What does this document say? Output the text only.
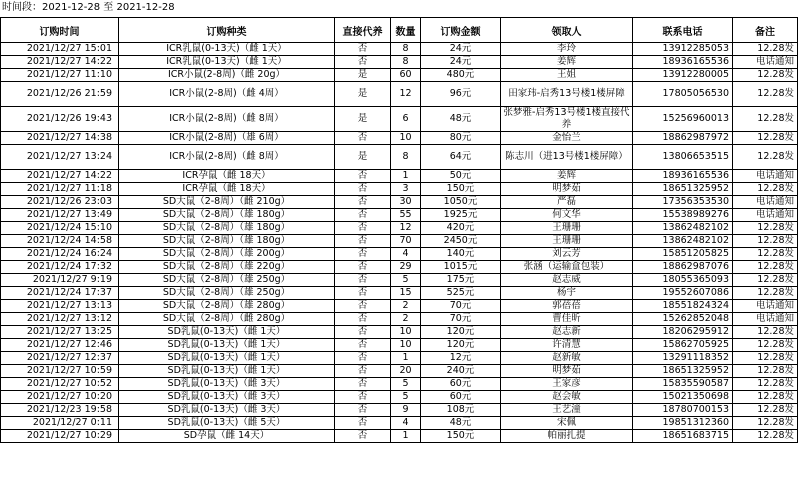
时间段：2021-12-28 至 2021-12-28
订购时间	订购种类	直接代养	数量	订购金额	领取人	联系电话	备注
2021/12/27 15:01	ICR乳鼠(0-13天)（雌 1天）	否	8	24元	李玲	13912285053	12.28发
2021/12/27 14:22	ICR乳鼠(0-13天)（雌 1天）	否	8	24元	姜辉	18936165536	电话通知
2021/12/27 11:10	ICR小鼠(2-8周)（雌 20g）	是	60	480元	王姐	13912280005	12.28发
2021/12/26 21:59	ICR小鼠(2-8周)（雌 4周）	是	12	96元	田家玮-启秀13号楼1楼屏障	17805056530	12.28发
2021/12/26 19:43	ICR小鼠(2-8周)（雌 8周）	是	6	48元	张梦雅-启秀13号楼1楼直接代养	15256960013	12.28发
2021/12/27 14:38	ICR小鼠(2-8周)（雄 6周）	否	10	80元	金怡兰	18862987972	12.28发
2021/12/27 13:24	ICR小鼠(2-8周)（雌 8周）	是	8	64元	陈志川（进13号楼1楼屏障）	13806653515	12.28发
2021/12/27 14:22	ICR孕鼠（雌 18天）	否	1	50元	姜辉	18936165536	电话通知
2021/12/27 11:18	ICR孕鼠（雌 18天）	否	3	150元	明梦茹	18651325952	12.28发
2021/12/26 23:03	SD大鼠（2-8周）（雌 210g）	否	30	1050元	严磊	17356353530	电话通知
2021/12/27 13:49	SD大鼠（2-8周）（雄 180g）	否	55	1925元	何文华	15538989276	电话通知
2021/12/24 15:10	SD大鼠（2-8周）（雄 180g）	否	12	420元	王珊珊	13862482102	12.28发
2021/12/24 14:58	SD大鼠（2-8周）（雄 180g）	否	70	2450元	王珊珊	13862482102	12.28发
2021/12/24 16:24	SD大鼠（2-8周）（雄 200g）	否	4	140元	刘云芳	15851205825	12.28发
2021/12/24 17:32	SD大鼠（2-8周）（雄 220g）	否	29	1015元	张涵（运输盒包装）	18862987076	12.28发
2021/12/27 9:19	SD大鼠（2-8周）（雄 250g）	否	5	175元	赵志威	18055365093	12.28发
2021/12/24 17:37	SD大鼠（2-8周）（雄 250g）	否	15	525元	杨宇	19552607086	12.28发
2021/12/27 13:13	SD大鼠（2-8周）（雄 280g）	否	2	70元	郭蓓蓓	18551824324	电话通知
2021/12/27 13:12	SD大鼠（2-8周）（雌 280g）	否	2	70元	曹佳昕	15262852048	电话通知
2021/12/27 13:25	SD乳鼠(0-13天)（雌 1天）	否	10	120元	赵志新	18206295912	12.28发
2021/12/27 12:46	SD乳鼠(0-13天)（雌 1天）	否	10	120元	许清慧	15862705925	12.28发
2021/12/27 12:37	SD乳鼠(0-13天)（雌 1天）	否	1	12元	赵新敏	13291118352	12.28发
2021/12/27 10:59	SD乳鼠(0-13天)（雌 1天）	否	20	240元	明梦茹	18651325952	12.28发
2021/12/27 10:52	SD乳鼠(0-13天)（雌 3天）	否	5	60元	王家彦	15835590587	12.28发
2021/12/27 10:20	SD乳鼠(0-13天)（雌 3天）	否	5	60元	赵会敏	15021350698	12.28发
2021/12/23 19:58	SD乳鼠(0-13天)（雌 3天）	否	9	108元	王艺潼	18780700153	12.28发
2021/12/27 0:11	SD乳鼠(0-13天)（雌 5天）	否	4	48元	宋佩	19851312360	12.28发
2021/12/27 10:29	SD孕鼠（雌 14天）	否	1	150元	帕丽扎提	18651683715	12.28发
